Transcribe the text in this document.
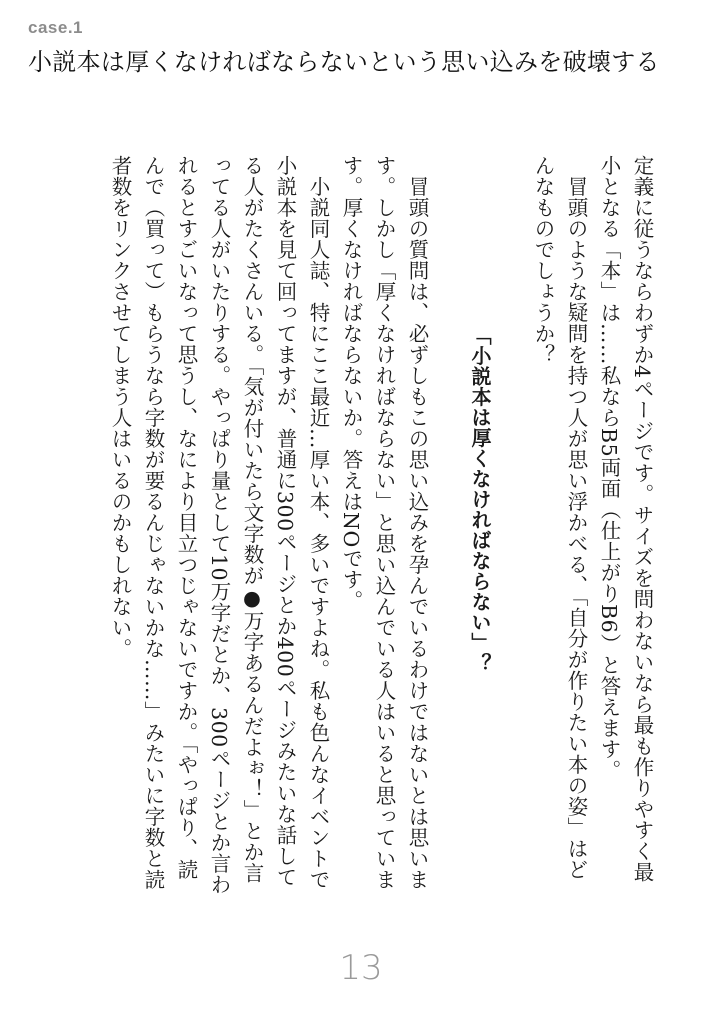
case.1
小説本は厚くなければならないという思い込みを破壊する

定義に従うならわずか4ページです。サイズを問わないなら最も作りやすく最小となる「本」は……私ならB5両面（仕上がりB6）と答えます。

冒頭のような疑問を持つ人が思い浮かべる、「自分が作りたい本の姿」はどんなものでしょうか？

「小説本は厚くなければならない」？

冒頭の質問は、必ずしもこの思い込みを孕んでいるわけではないとは思います。しかし「厚くなければならない」と思い込んでいる人はいると思っています。厚くなければならないか。答えはNOです。

小説同人誌、特にここ最近…厚い本、多いですよね。私も色んなイベントで小説本を見て回ってますが、普通に300ページとか400ページみたいな話してる人がたくさんいる。「気が付いたら文字数が●万字あるんだよぉ！」とか言ってる人がいたりする。やっぱり量として10万字だとか、300ページとか言われるとすごいなって思うし、なにより目立つじゃないですか。「やっぱり、読んで（買って）もらうなら字数が要るんじゃないかな……」みたいに字数と読者数をリンクさせてしまう人はいるのかもしれない。

13
